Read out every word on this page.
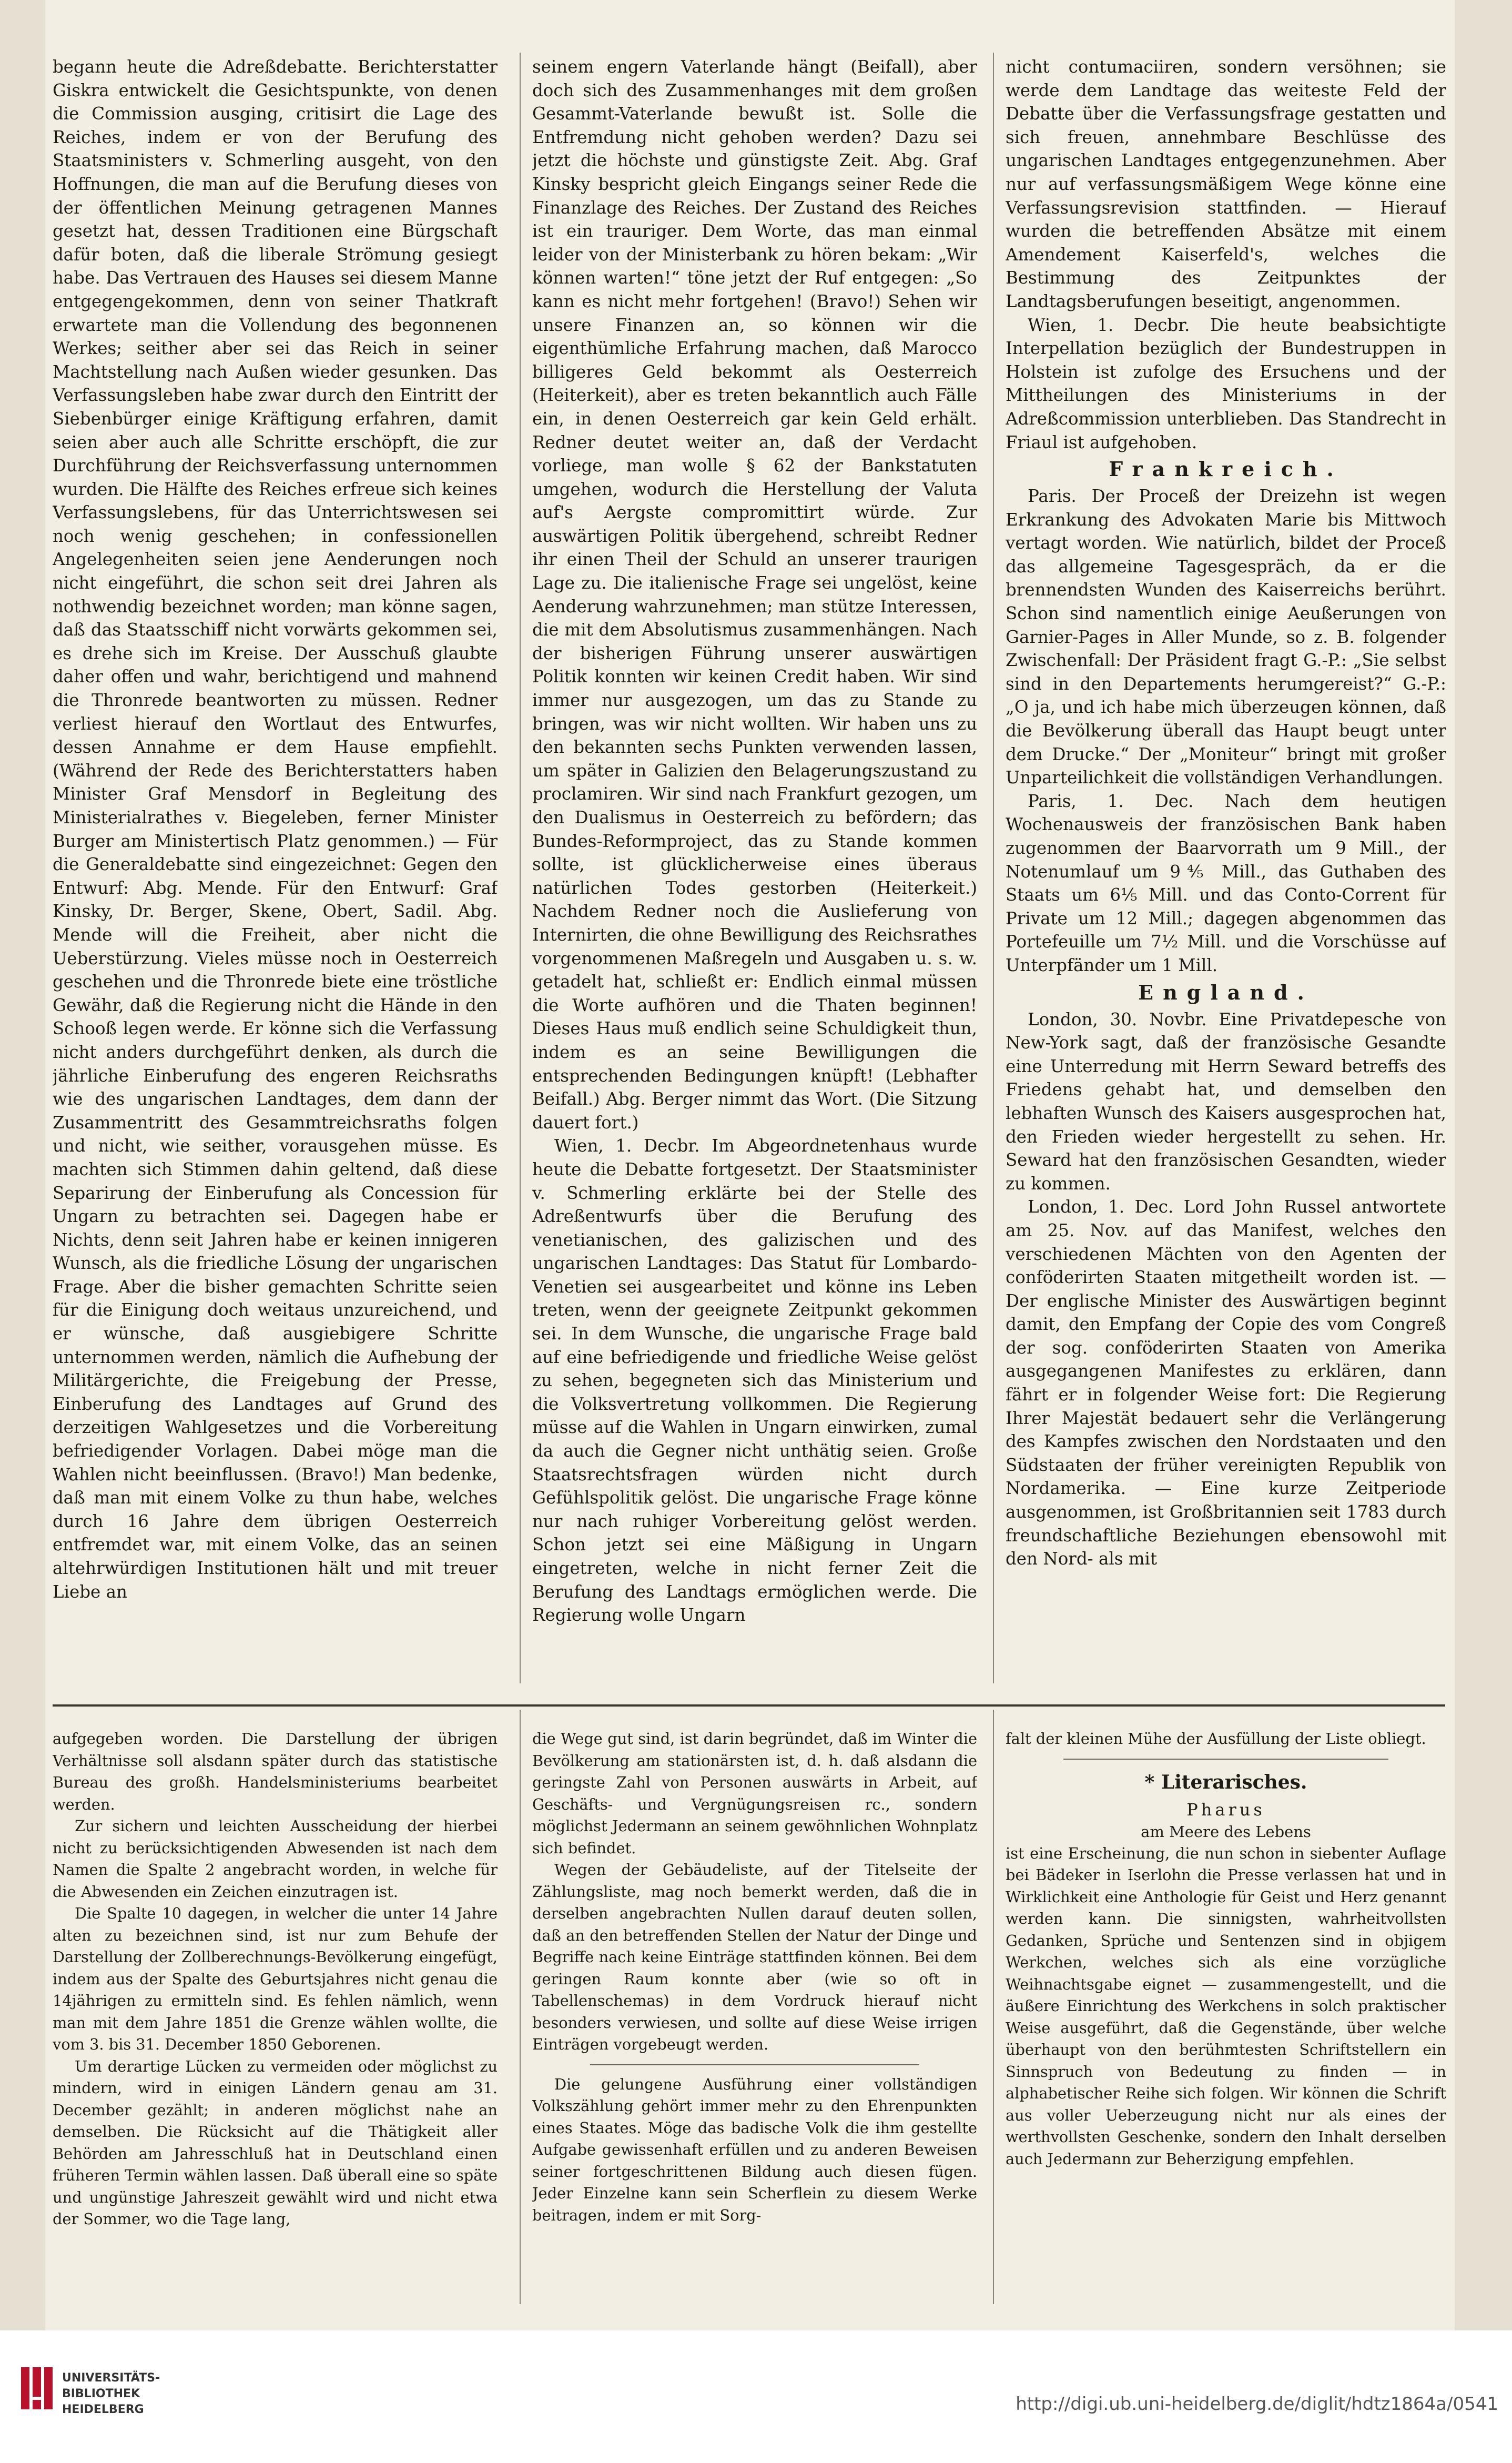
begann heute die Adreßdebatte. Berichterstatter Giskra entwickelt die Gesichtspunkte, von denen die Commission ausging, critisirt die Lage des Reiches, indem er von der Berufung des Staatsministers v. Schmerling ausgeht, von den Hoffnungen, die man auf die Berufung dieses von der öffentlichen Meinung getragenen Mannes gesetzt hat, dessen Traditionen eine Bürgschaft dafür boten, daß die liberale Strömung gesiegt habe. Das Vertrauen des Hauses sei diesem Manne entgegengekommen, denn von seiner Thatkraft erwartete man die Vollendung des begonnenen Werkes; seither aber sei das Reich in seiner Machtstellung nach Außen wieder gesunken. Das Verfassungsleben habe zwar durch den Eintritt der Siebenbürger einige Kräftigung erfahren, damit seien aber auch alle Schritte erschöpft, die zur Durchführung der Reichsverfassung unternommen wurden. Die Hälfte des Reiches erfreue sich keines Verfassungslebens, für das Unterrichtswesen sei noch wenig geschehen; in confessionellen Angelegenheiten seien jene Aenderungen noch nicht eingeführt, die schon seit drei Jahren als nothwendig bezeichnet worden; man könne sagen, daß das Staatsschiff nicht vorwärts gekommen sei, es drehe sich im Kreise. Der Ausschuß glaubte daher offen und wahr, berichtigend und mahnend die Thronrede beantworten zu müssen. Redner verliest hierauf den Wortlaut des Entwurfes, dessen Annahme er dem Hause empfiehlt. (Während der Rede des Berichterstatters haben Minister Graf Mensdorf in Begleitung des Ministerialrathes v. Biegeleben, ferner Minister Burger am Ministertisch Platz genommen.) — Für die Generaldebatte sind eingezeichnet: Gegen den Entwurf: Abg. Mende. Für den Entwurf: Graf Kinsky, Dr. Berger, Skene, Obert, Sadil. Abg. Mende will die Freiheit, aber nicht die Ueberstürzung. Vieles müsse noch in Oesterreich geschehen und die Thronrede biete eine tröstliche Gewähr, daß die Regierung nicht die Hände in den Schooß legen werde. Er könne sich die Verfassung nicht anders durchgeführt denken, als durch die jährliche Einberufung des engeren Reichsraths wie des ungarischen Landtages, dem dann der Zusammentritt des Gesammtreichsraths folgen und nicht, wie seither, vorausgehen müsse. Es machten sich Stimmen dahin geltend, daß diese Separirung der Einberufung als Concession für Ungarn zu betrachten sei. Dagegen habe er Nichts, denn seit Jahren habe er keinen innigeren Wunsch, als die friedliche Lösung der ungarischen Frage. Aber die bisher gemachten Schritte seien für die Einigung doch weitaus unzureichend, und er wünsche, daß ausgiebigere Schritte unternommen werden, nämlich die Aufhebung der Militärgerichte, die Freigebung der Presse, Einberufung des Landtages auf Grund des derzeitigen Wahlgesetzes und die Vorbereitung befriedigender Vorlagen. Dabei möge man die Wahlen nicht beeinflussen. (Bravo!) Man bedenke, daß man mit einem Volke zu thun habe, welches durch 16 Jahre dem übrigen Oesterreich entfremdet war, mit einem Volke, das an seinen altehrwürdigen Institutionen hält und mit treuer Liebe an

seinem engern Vaterlande hängt (Beifall), aber doch sich des Zusammenhanges mit dem großen Gesammt-Vaterlande bewußt ist. Solle die Entfremdung nicht gehoben werden? Dazu sei jetzt die höchste und günstigste Zeit. Abg. Graf Kinsky bespricht gleich Eingangs seiner Rede die Finanzlage des Reiches. Der Zustand des Reiches ist ein trauriger. Dem Worte, das man einmal leider von der Ministerbank zu hören bekam: „Wir können warten!“ töne jetzt der Ruf entgegen: „So kann es nicht mehr fortgehen! (Bravo!) Sehen wir unsere Finanzen an, so können wir die eigenthümliche Erfahrung machen, daß Marocco billigeres Geld bekommt als Oesterreich (Heiterkeit), aber es treten bekanntlich auch Fälle ein, in denen Oesterreich gar kein Geld erhält. Redner deutet weiter an, daß der Verdacht vorliege, man wolle § 62 der Bankstatuten umgehen, wodurch die Herstellung der Valuta auf's Aergste compromittirt würde. Zur auswärtigen Politik übergehend, schreibt Redner ihr einen Theil der Schuld an unserer traurigen Lage zu. Die italienische Frage sei ungelöst, keine Aenderung wahrzunehmen; man stütze Interessen, die mit dem Absolutismus zusammenhängen. Nach der bisherigen Führung unserer auswärtigen Politik konnten wir keinen Credit haben. Wir sind immer nur ausgezogen, um das zu Stande zu bringen, was wir nicht wollten. Wir haben uns zu den bekannten sechs Punkten verwenden lassen, um später in Galizien den Belagerungszustand zu proclamiren. Wir sind nach Frankfurt gezogen, um den Dualismus in Oesterreich zu befördern; das Bundes-Reformproject, das zu Stande kommen sollte, ist glücklicherweise eines überaus natürlichen Todes gestorben (Heiterkeit.) Nachdem Redner noch die Auslieferung von Internirten, die ohne Bewilligung des Reichsrathes vorgenommenen Maßregeln und Ausgaben u. s. w. getadelt hat, schließt er: Endlich einmal müssen die Worte aufhören und die Thaten beginnen! Dieses Haus muß endlich seine Schuldigkeit thun, indem es an seine Bewilligungen die entsprechenden Bedingungen knüpft! (Lebhafter Beifall.) Abg. Berger nimmt das Wort. (Die Sitzung dauert fort.)

Wien, 1. Decbr. Im Abgeordnetenhaus wurde heute die Debatte fortgesetzt. Der Staatsminister v. Schmerling erklärte bei der Stelle des Adreßentwurfs über die Berufung des venetianischen, des galizischen und des ungarischen Landtages: Das Statut für Lombardo-Venetien sei ausgearbeitet und könne ins Leben treten, wenn der geeignete Zeitpunkt gekommen sei. In dem Wunsche, die ungarische Frage bald auf eine befriedigende und friedliche Weise gelöst zu sehen, begegneten sich das Ministerium und die Volksvertretung vollkommen. Die Regierung müsse auf die Wahlen in Ungarn einwirken, zumal da auch die Gegner nicht unthätig seien. Große Staatsrechtsfragen würden nicht durch Gefühlspolitik gelöst. Die ungarische Frage könne nur nach ruhiger Vorbereitung gelöst werden. Schon jetzt sei eine Mäßigung in Ungarn eingetreten, welche in nicht ferner Zeit die Berufung des Landtags ermöglichen werde. Die Regierung wolle Ungarn

nicht contumaciiren, sondern versöhnen; sie werde dem Landtage das weiteste Feld der Debatte über die Verfassungsfrage gestatten und sich freuen, annehmbare Beschlüsse des ungarischen Landtages entgegenzunehmen. Aber nur auf verfassungsmäßigem Wege könne eine Verfassungsrevision stattfinden. — Hierauf wurden die betreffenden Absätze mit einem Amendement Kaiserfeld's, welches die Bestimmung des Zeitpunktes der Landtagsberufungen beseitigt, angenommen.

Wien, 1. Decbr. Die heute beabsichtigte Interpellation bezüglich der Bundestruppen in Holstein ist zufolge des Ersuchens und der Mittheilungen des Ministeriums in der Adreßcommission unterblieben. Das Standrecht in Friaul ist aufgehoben.

Frankreich.

Paris. Der Proceß der Dreizehn ist wegen Erkrankung des Advokaten Marie bis Mittwoch vertagt worden. Wie natürlich, bildet der Proceß das allgemeine Tagesgespräch, da er die brennendsten Wunden des Kaiserreichs berührt. Schon sind namentlich einige Aeußerungen von Garnier-Pages in Aller Munde, so z. B. folgender Zwischenfall: Der Präsident fragt G.-P.: „Sie selbst sind in den Departements herumgereist?“ G.-P.: „O ja, und ich habe mich überzeugen können, daß die Bevölkerung überall das Haupt beugt unter dem Drucke.“ Der „Moniteur“ bringt mit großer Unparteilichkeit die vollständigen Verhandlungen.

Paris, 1. Dec. Nach dem heutigen Wochenausweis der französischen Bank haben zugenommen der Baarvorrath um 9 Mill., der Notenumlauf um 9⅘ Mill., das Guthaben des Staats um 6⅕ Mill. und das Conto-Corrent für Private um 12 Mill.; dagegen abgenommen das Portefeuille um 7½ Mill. und die Vorschüsse auf Unterpfänder um 1 Mill.

England.

London, 30. Novbr. Eine Privatdepesche von New-York sagt, daß der französische Gesandte eine Unterredung mit Herrn Seward betreffs des Friedens gehabt hat, und demselben den lebhaften Wunsch des Kaisers ausgesprochen hat, den Frieden wieder hergestellt zu sehen. Hr. Seward hat den französischen Gesandten, wieder zu kommen.

London, 1. Dec. Lord John Russel antwortete am 25. Nov. auf das Manifest, welches den verschiedenen Mächten von den Agenten der conföderirten Staaten mitgetheilt worden ist. — Der englische Minister des Auswärtigen beginnt damit, den Empfang der Copie des vom Congreß der sog. conföderirten Staaten von Amerika ausgegangenen Manifestes zu erklären, dann fährt er in folgender Weise fort: Die Regierung Ihrer Majestät bedauert sehr die Verlängerung des Kampfes zwischen den Nordstaaten und den Südstaaten der früher vereinigten Republik von Nordamerika. — Eine kurze Zeitperiode ausgenommen, ist Großbritannien seit 1783 durch freundschaftliche Beziehungen ebensowohl mit den Nord- als mit

aufgegeben worden. Die Darstellung der übrigen Verhältnisse soll alsdann später durch das statistische Bureau des großh. Handelsministeriums bearbeitet werden.

Zur sichern und leichten Ausscheidung der hierbei nicht zu berücksichtigenden Abwesenden ist nach dem Namen die Spalte 2 angebracht worden, in welche für die Abwesenden ein Zeichen einzutragen ist.

Die Spalte 10 dagegen, in welcher die unter 14 Jahre alten zu bezeichnen sind, ist nur zum Behufe der Darstellung der Zollberechnungs-Bevölkerung eingefügt, indem aus der Spalte des Geburtsjahres nicht genau die 14jährigen zu ermitteln sind. Es fehlen nämlich, wenn man mit dem Jahre 1851 die Grenze wählen wollte, die vom 3. bis 31. December 1850 Geborenen.

Um derartige Lücken zu vermeiden oder möglichst zu mindern, wird in einigen Ländern genau am 31. December gezählt; in anderen möglichst nahe an demselben. Die Rücksicht auf die Thätigkeit aller Behörden am Jahresschluß hat in Deutschland einen früheren Termin wählen lassen. Daß überall eine so späte und ungünstige Jahreszeit gewählt wird und nicht etwa der Sommer, wo die Tage lang,

die Wege gut sind, ist darin begründet, daß im Winter die Bevölkerung am stationärsten ist, d. h. daß alsdann die geringste Zahl von Personen auswärts in Arbeit, auf Geschäfts- und Vergnügungsreisen rc., sondern möglichst Jedermann an seinem gewöhnlichen Wohnplatz sich befindet.

Wegen der Gebäudeliste, auf der Titelseite der Zählungsliste, mag noch bemerkt werden, daß die in derselben angebrachten Nullen darauf deuten sollen, daß an den betreffenden Stellen der Natur der Dinge und Begriffe nach keine Einträge stattfinden können. Bei dem geringen Raum konnte aber (wie so oft in Tabellenschemas) in dem Vordruck hierauf nicht besonders verwiesen, und sollte auf diese Weise irrigen Einträgen vorgebeugt werden.

Die gelungene Ausführung einer vollständigen Volkszählung gehört immer mehr zu den Ehrenpunkten eines Staates. Möge das badische Volk die ihm gestellte Aufgabe gewissenhaft erfüllen und zu anderen Beweisen seiner fortgeschrittenen Bildung auch diesen fügen. Jeder Einzelne kann sein Scherflein zu diesem Werke beitragen, indem er mit Sorg-

falt der kleinen Mühe der Ausfüllung der Liste obliegt.

* Literarisches.
Pharus
am Meere des Lebens

ist eine Erscheinung, die nun schon in siebenter Auflage bei Bädeker in Iserlohn die Presse verlassen hat und in Wirklichkeit eine Anthologie für Geist und Herz genannt werden kann. Die sinnigsten, wahrheitvollsten Gedanken, Sprüche und Sentenzen sind in objigem Werkchen, welches sich als eine vorzügliche Weihnachtsgabe eignet — zusammengestellt, und die äußere Einrichtung des Werkchens in solch praktischer Weise ausgeführt, daß die Gegenstände, über welche überhaupt von den berühmtesten Schriftstellern ein Sinnspruch von Bedeutung zu finden — in alphabetischer Reihe sich folgen. Wir können die Schrift aus voller Ueberzeugung nicht nur als eines der werthvollsten Geschenke, sondern den Inhalt derselben auch Jedermann zur Beherzigung empfehlen.

UNIVERSITÄTS-
BIBLIOTHEK
HEIDELBERG	http://digi.ub.uni-heidelberg.de/diglit/hdtz1864a/0541
